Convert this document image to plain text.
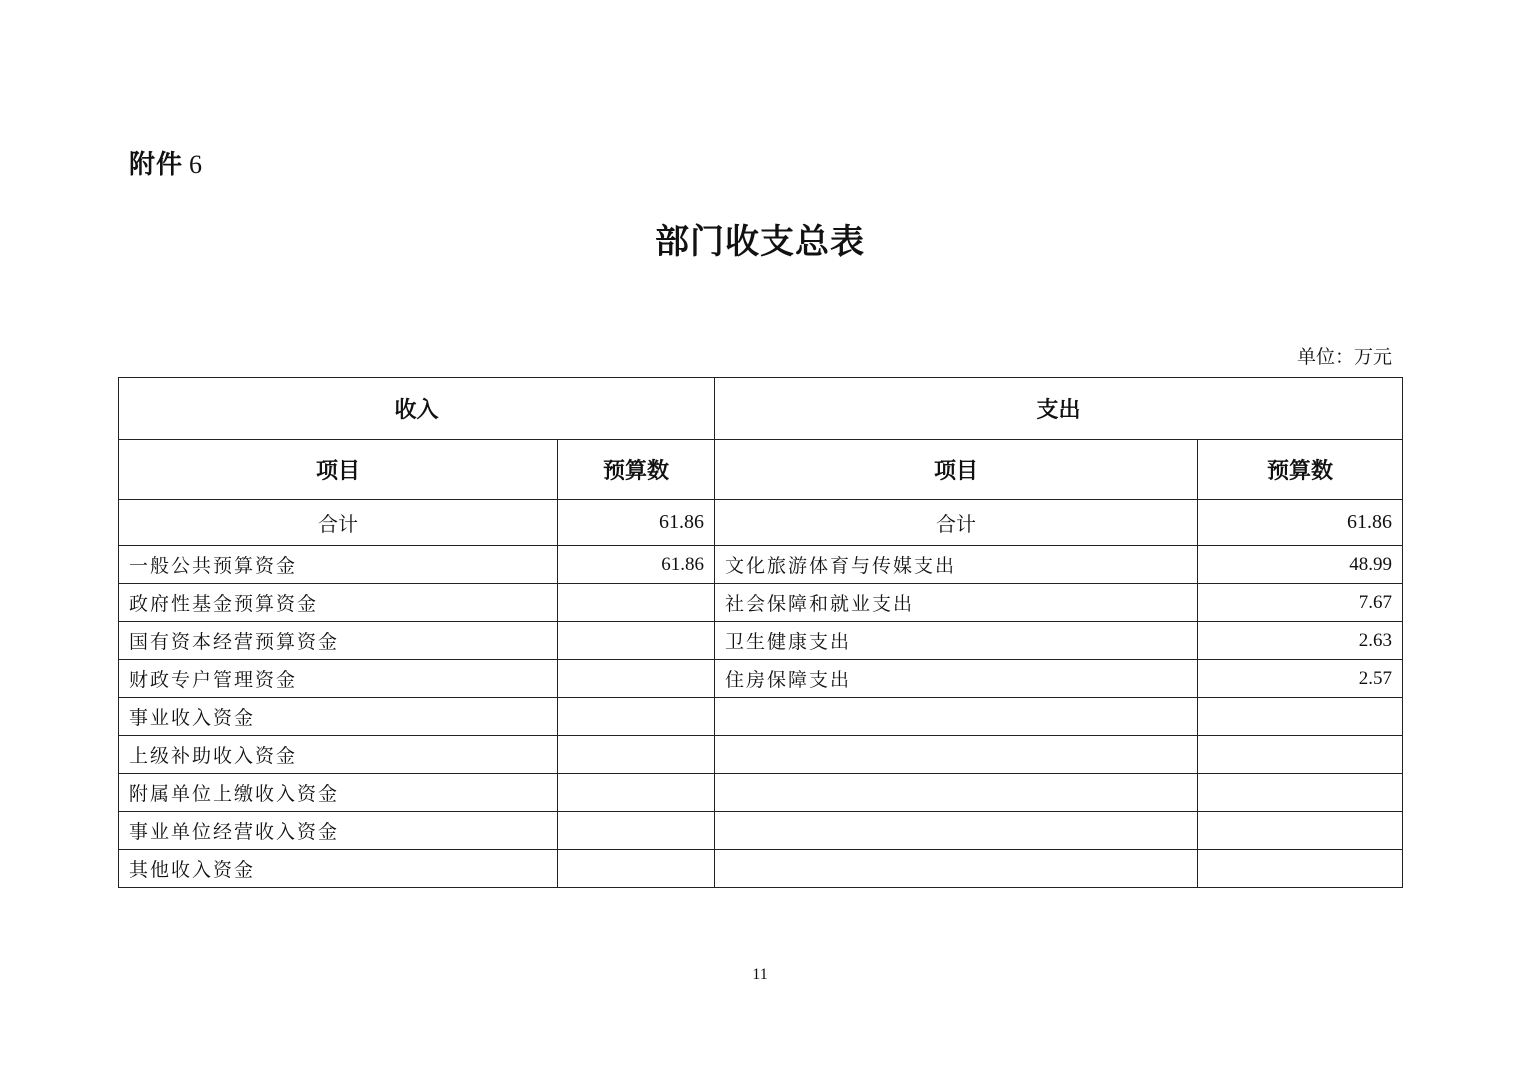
附件 6
部门收支总表
单位：万元
收入		支出	
项目	预算数	项目	预算数
合计	61.86	合计	61.86
一般公共预算资金	61.86	文化旅游体育与传媒支出	48.99
政府性基金预算资金		社会保障和就业支出	7.67
国有资本经营预算资金		卫生健康支出	2.63
财政专户管理资金		住房保障支出	2.57
事业收入资金			
上级补助收入资金			
附属单位上缴收入资金			
事业单位经营收入资金			
其他收入资金			
11
